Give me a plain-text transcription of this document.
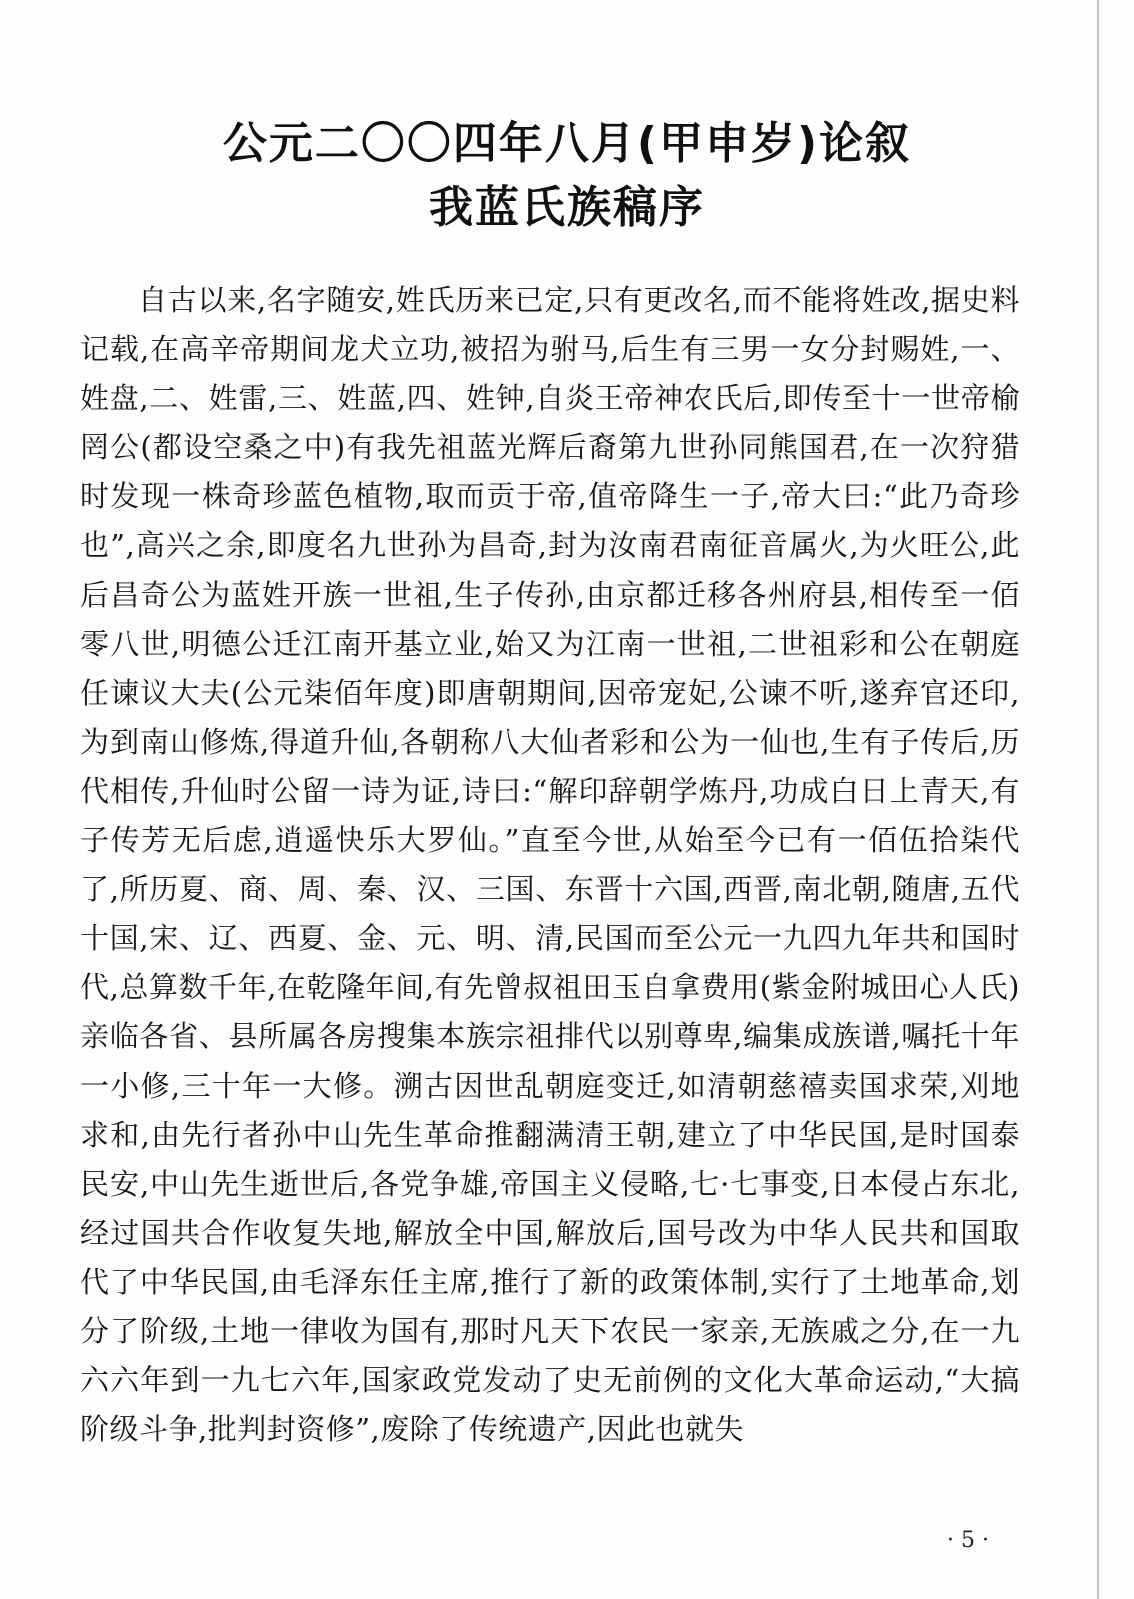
公元二〇〇四年八月(甲申岁)论叙
我蓝氏族稿序

自古以来,名字随安,姓氏历来已定,只有更改名,而不能将姓改,据史料记载,在高辛帝期间龙犬立功,被招为驸马,后生有三男一女分封赐姓,一、姓盘,二、姓雷,三、姓蓝,四、姓钟,自炎王帝神农氏后,即传至十一世帝榆罔公(都设空桑之中)有我先祖蓝光辉后裔第九世孙同熊国君,在一次狩猎时发现一株奇珍蓝色植物,取而贡于帝,值帝降生一子,帝大曰:“此乃奇珍也”,高兴之余,即度名九世孙为昌奇,封为汝南君南征音属火,为火旺公,此后昌奇公为蓝姓开族一世祖,生子传孙,由京都迁移各州府县,相传至一佰零八世,明德公迁江南开基立业,始又为江南一世祖,二世祖彩和公在朝庭任谏议大夫(公元柒佰年度)即唐朝期间,因帝宠妃,公谏不听,遂弃官还印,为到南山修炼,得道升仙,各朝称八大仙者彩和公为一仙也,生有子传后,历代相传,升仙时公留一诗为证,诗曰:“解印辞朝学炼丹,功成白日上青天,有子传芳无后虑,逍遥快乐大罗仙。”直至今世,从始至今已有一佰伍拾柒代了,所历夏、商、周、秦、汉、三国、东晋十六国,西晋,南北朝,随唐,五代十国,宋、辽、西夏、金、元、明、清,民国而至公元一九四九年共和国时代,总算数千年,在乾隆年间,有先曾叔祖田玉自拿费用(紫金附城田心人氏)亲临各省、县所属各房搜集本族宗祖排代以别尊卑,编集成族谱,嘱托十年一小修,三十年一大修。溯古因世乱朝庭变迁,如清朝慈禧卖国求荣,刈地求和,由先行者孙中山先生革命推翻满清王朝,建立了中华民国,是时国泰民安,中山先生逝世后,各党争雄,帝国主义侵略,七·七事变,日本侵占东北,经过国共合作收复失地,解放全中国,解放后,国号改为中华人民共和国取代了中华民国,由毛泽东任主席,推行了新的政策体制,实行了土地革命,划分了阶级,土地一律收为国有,那时凡天下农民一家亲,无族戚之分,在一九六六年到一九七六年,国家政党发动了史无前例的文化大革命运动,“大搞阶级斗争,批判封资修”,废除了传统遗产,因此也就失

· 5 ·
